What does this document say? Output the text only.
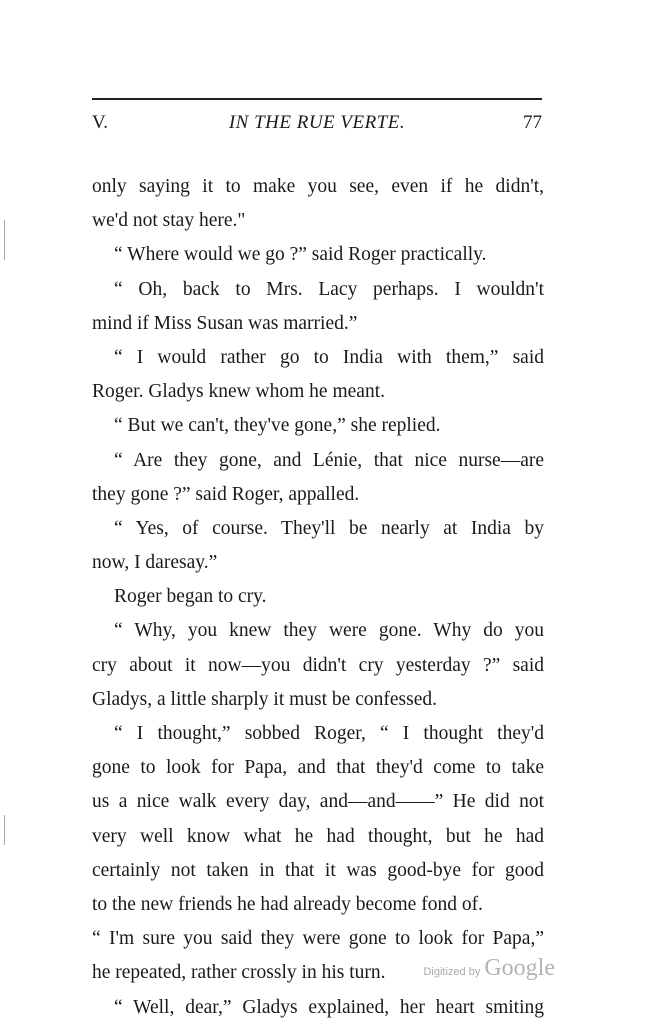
V.	IN THE RUE VERTE.	77
only saying it to make you see, even if he didn't,
we'd not stay here."
“ Where would we go ?” said Roger practically.
“ Oh, back to Mrs. Lacy perhaps. I wouldn't
mind if Miss Susan was married.”
“ I would rather go to India with them,” said
Roger. Gladys knew whom he meant.
“ But we can't, they've gone,” she replied.
“ Are they gone, and Lénie, that nice nurse—are
they gone ?” said Roger, appalled.
“ Yes, of course. They'll be nearly at India by
now, I daresay.”
Roger began to cry.
“ Why, you knew they were gone. Why do you
cry about it now—you didn't cry yesterday ?” said
Gladys, a little sharply it must be confessed.
“ I thought,” sobbed Roger, “ I thought they'd
gone to look for Papa, and that they'd come to take
us a nice walk every day, and—and——” He did not
very well know what he had thought, but he had
certainly not taken in that it was good-bye for good
to the new friends he had already become fond of.
“ I'm sure you said they were gone to look for Papa,”
he repeated, rather crossly in his turn.
“ Well, dear,” Gladys explained, her heart smiting
Digitized by Google
